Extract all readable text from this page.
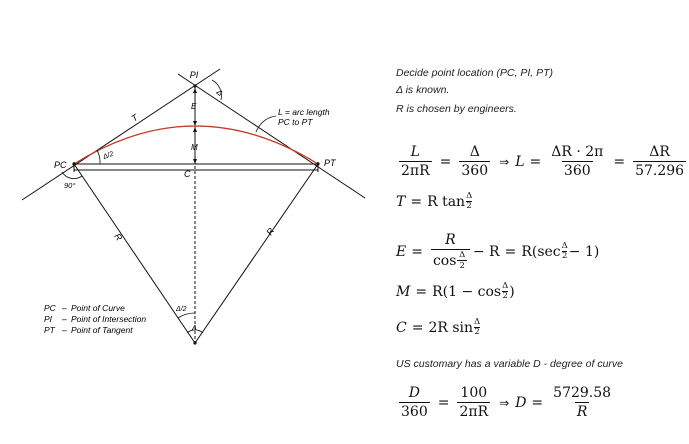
PI
PC	PT
T
E
M
C
R	R
Δ
Δ/2
90°
Δ/2
Δ
L = arc length
PC to PT
PC – Point of Curve
PI – Point of Intersection
PT – Point of Tangent
Decide point location (PC, PI, PT)
Δ is known.
R is chosen by engineers.
$\frac{L}{2\pi R} = \frac{\Delta}{360}$ ⇒ $L = \frac{\Delta R \cdot 2\pi}{360} = \frac{\Delta R}{57.296}$
T = R $\tan \frac{\Delta}{2}$
$E = \frac{R}{\cos \frac{\Delta}{2}} - R = R(\sec \frac{\Delta}{2} - 1)$
$M = R(1 - \cos \frac{\Delta}{2}$ )
C = 2R $\sin \frac{\Delta}{2}$
US customary has a variable D - degree of curve
$\frac{D}{360} = \frac{100}{2\pi R}$ ⇒ $D = \frac{5729.58}{R}$
